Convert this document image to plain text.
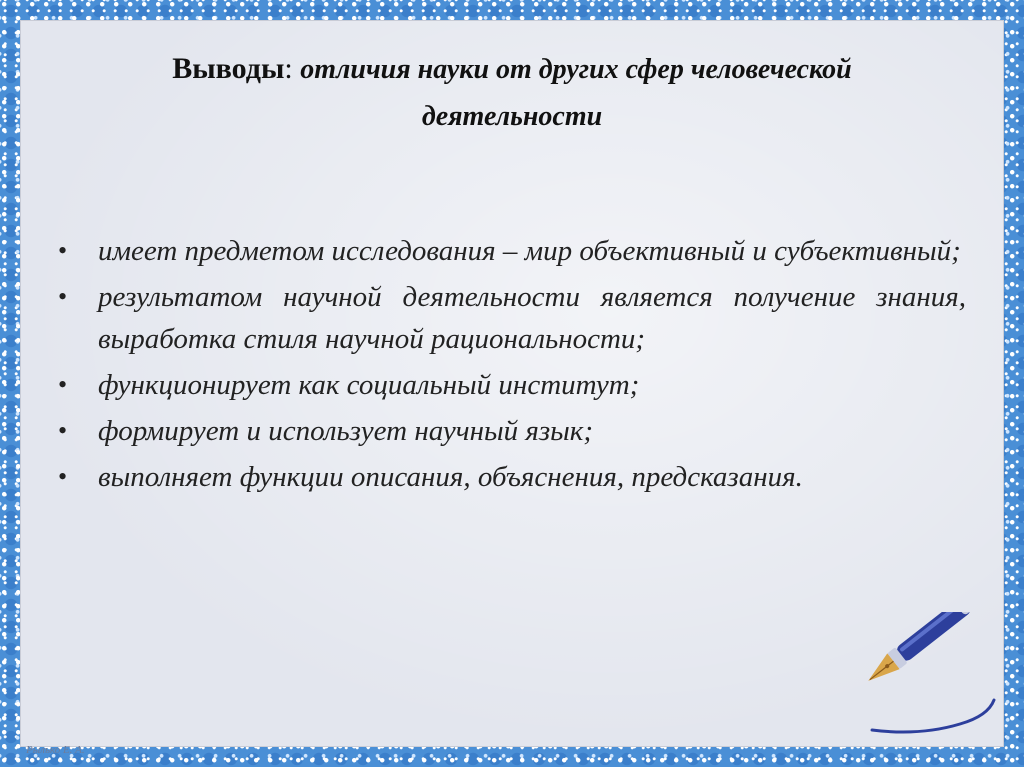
Выводы: отличия науки от других сфер человеческой
деятельности
• имеет предметом исследования – мир объективный и субъективный;
• результатом научной деятельности является получение знания, выработка стиля научной рациональности;
• функционирует как социальный институт;
• формирует и использует научный язык;
• выполняет функции описания, объяснения, предсказания.
Рылько Е. А.
